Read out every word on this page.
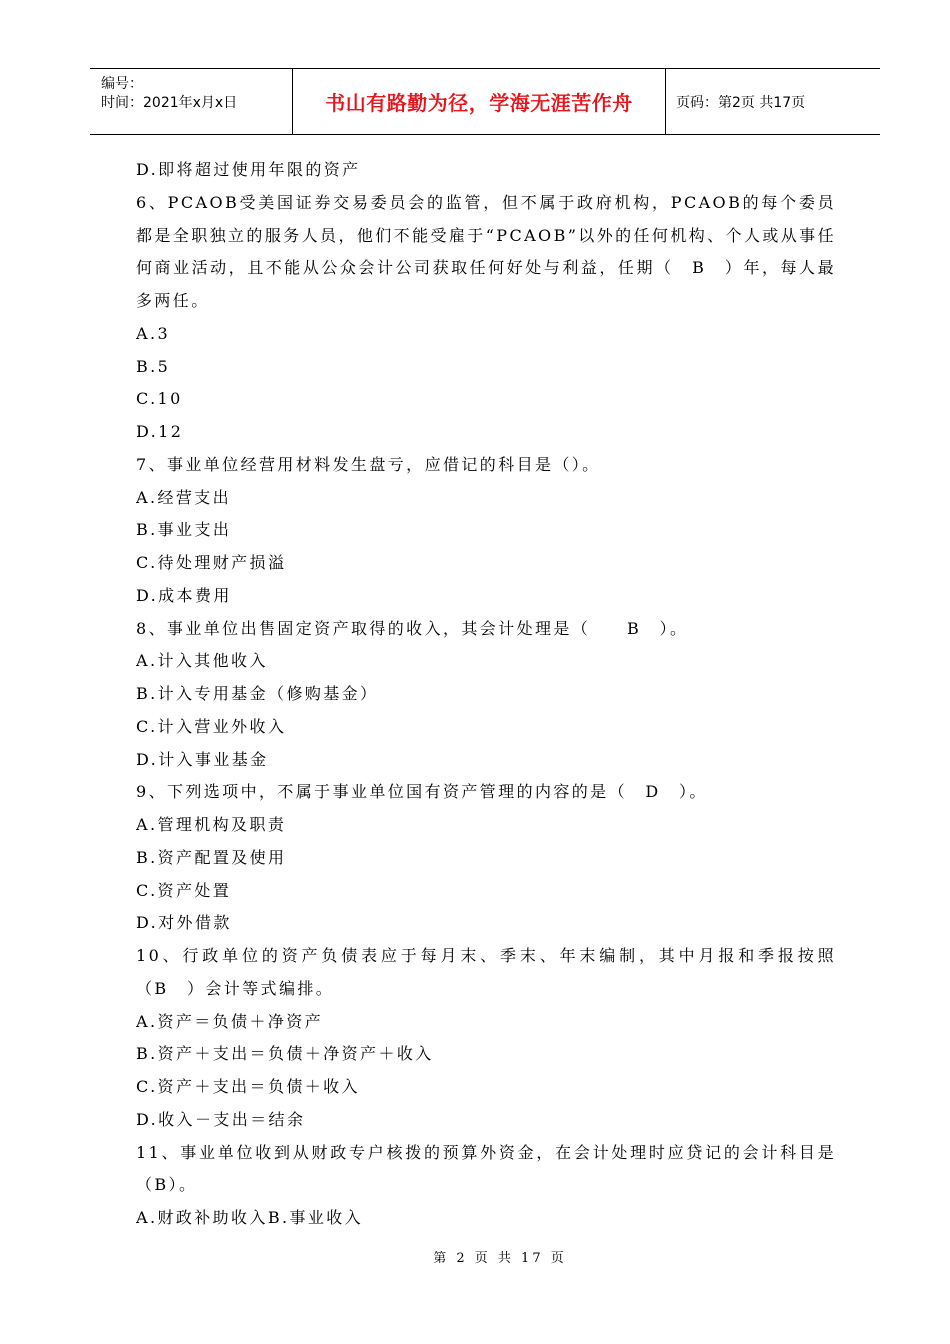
编号：
时间：2021年x月x日	书山有路勤为径，学海无涯苦作舟	页码：第2页 共17页
D.即将超过使用年限的资产
6、PCAOB受美国证券交易委员会的监管，但不属于政府机构，PCAOB的每个委员都是全职独立的服务人员，他们不能受雇于“PCAOB”以外的任何机构、个人或从事任何商业活动，且不能从公众会计公司获取任何好处与利益，任期（　B　）年，每人最多两任。
A.3
B.5
C.10
D.12
7、事业单位经营用材料发生盘亏，应借记的科目是（）。
A.经营支出
B.事业支出
C.待处理财产损溢
D.成本费用
8、事业单位出售固定资产取得的收入，其会计处理是（　　B　）。
A.计入其他收入
B.计入专用基金（修购基金）
C.计入营业外收入
D.计入事业基金
9、下列选项中，不属于事业单位国有资产管理的内容的是（　D　）。
A.管理机构及职责
B.资产配置及使用
C.资产处置
D.对外借款
10、行政单位的资产负债表应于每月末、季末、年末编制，其中月报和季报按照（B　）会计等式编排。
A.资产＝负债＋净资产
B.资产＋支出＝负债＋净资产＋收入
C.资产＋支出＝负债＋收入
D.收入－支出＝结余
11、事业单位收到从财政专户核拨的预算外资金，在会计处理时应贷记的会计科目是（B）。
A.财政补助收入B.事业收入
第 2 页 共 17 页
